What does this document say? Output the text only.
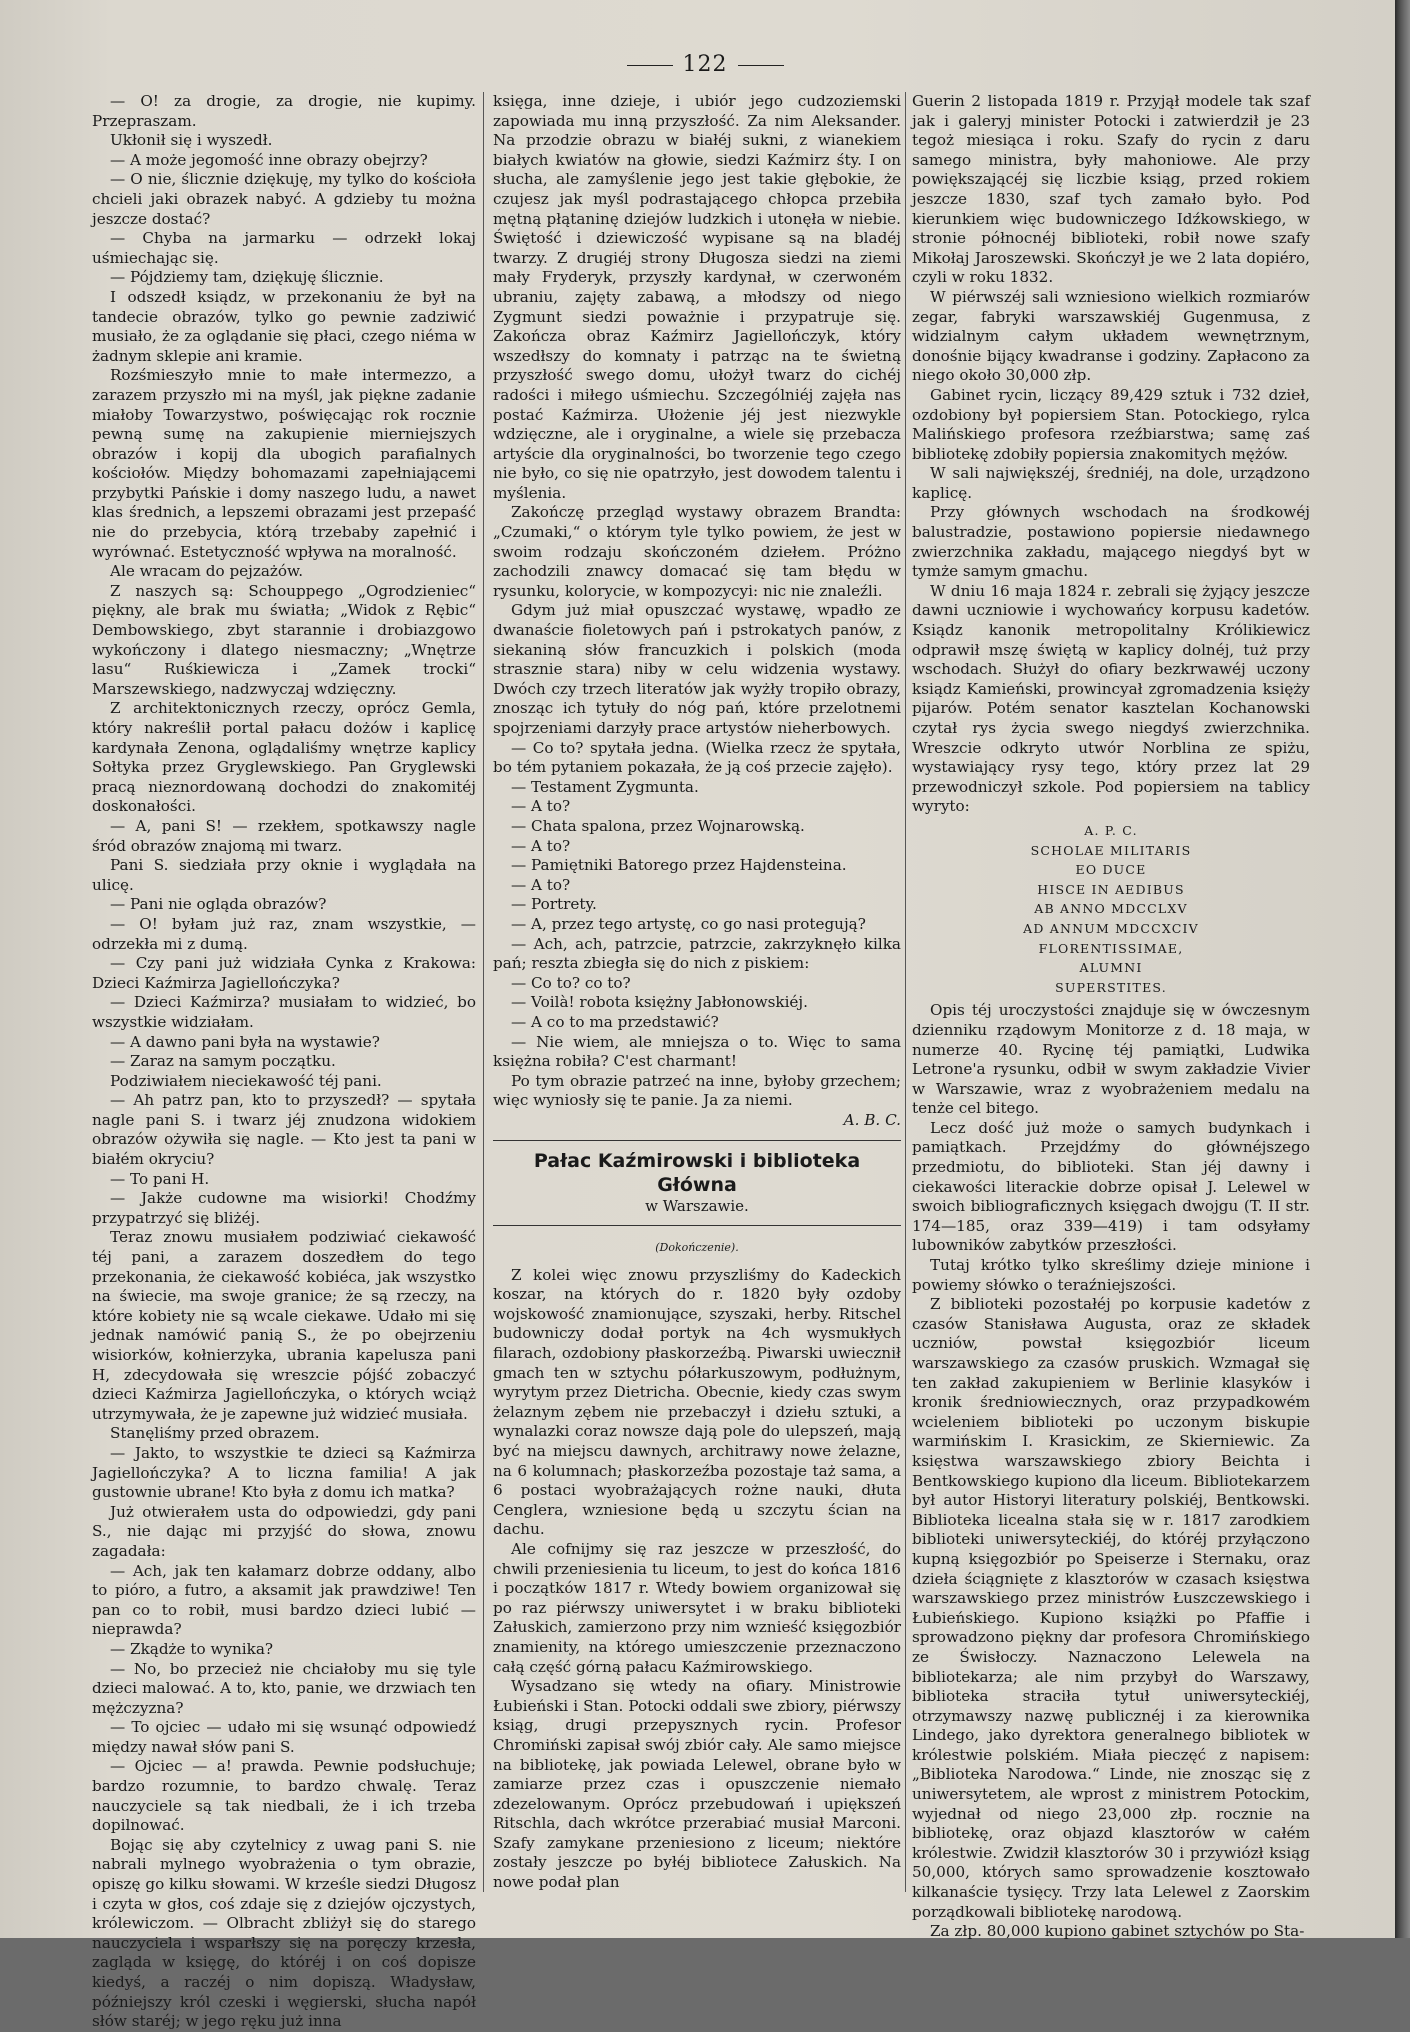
122

— O! za drogie, za drogie, nie kupimy. Przepraszam.

Ukłonił się i wyszedł.

— A może jegomość inne obrazy obejrzy?

— O nie, ślicznie dziękuję, my tylko do kościoła chcieli jaki obrazek nabyć. A gdzieby tu można jeszcze dostać?

— Chyba na jarmarku — odrzekł lokaj uśmiechając się.

— Pójdziemy tam, dziękuję ślicznie.

I odszedł ksiądz, w przekonaniu że był na tandecie obrazów, tylko go pewnie zadziwić musiało, że za oglądanie się płaci, czego niéma w żadnym sklepie ani kramie.

Rozśmieszyło mnie to małe intermezzo, a zarazem przyszło mi na myśl, jak piękne zadanie miałoby Towarzystwo, poświęcając rok rocznie pewną sumę na zakupienie mierniejszych obrazów i kopij dla ubogich parafialnych kościołów. Między bohomazami zapełniającemi przybytki Pańskie i domy naszego ludu, a nawet klas średnich, a lepszemi obrazami jest przepaść nie do przebycia, którą trzebaby zapełnić i wyrównać. Estetyczność wpływa na moralność.

Ale wracam do pejzażów.

Z naszych są: Schouppego „Ogrodzieniec“ piękny, ale brak mu światła; „Widok z Rębic“ Dembowskiego, zbyt starannie i drobiazgowo wykończony i dlatego niesmaczny; „Wnętrze lasu“ Ruśkiewicza i „Zamek trocki“ Marszewskiego, nadzwyczaj wdzięczny.

Z architektonicznych rzeczy, oprócz Gemla, który nakreślił portal pałacu dożów i kaplicę kardynała Zenona, oglądaliśmy wnętrze kaplicy Sołtyka przez Gryglewskiego. Pan Gryglewski pracą nieznordowaną dochodzi do znakomitéj doskonałości.

— A, pani S! — rzekłem, spotkawszy nagle śród obrazów znajomą mi twarz.

Pani S. siedziała przy oknie i wyglądała na ulicę.

— Pani nie ogląda obrazów?

— O! byłam już raz, znam wszystkie, — odrzekła mi z dumą.

— Czy pani już widziała Cynka z Krakowa: Dzieci Kaźmirza Jagiellończyka?

— Dzieci Kaźmirza? musiałam to widzieć, bo wszystkie widziałam.

— A dawno pani była na wystawie?

— Zaraz na samym początku.

Podziwiałem nieciekawość téj pani.

— Ah patrz pan, kto to przyszedł? — spytała nagle pani S. i twarz jéj znudzona widokiem obrazów ożywiła się nagle. — Kto jest ta pani w białém okryciu?

— To pani H.

— Jakże cudowne ma wisiorki! Chodźmy przypatrzyć się bliżéj.

Teraz znowu musiałem podziwiać ciekawość téj pani, a zarazem doszedłem do tego przekonania, że ciekawość kobiéca, jak wszystko na świecie, ma swoje granice; że są rzeczy, na które kobiety nie są wcale ciekawe. Udało mi się jednak namówić panią S., że po obejrzeniu wisiorków, kołnierzyka, ubrania kapelusza pani H, zdecydowała się wreszcie pójść zobaczyć dzieci Kaźmirza Jagiellończyka, o których wciąż utrzymywała, że je zapewne już widzieć musiała.

Stanęliśmy przed obrazem.

— Jakto, to wszystkie te dzieci są Kaźmirza Jagiellończyka? A to liczna familia! A jak gustownie ubrane! Kto była z domu ich matka?

Już otwierałem usta do odpowiedzi, gdy pani S., nie dając mi przyjść do słowa, znowu zagadała:

— Ach, jak ten kałamarz dobrze oddany, albo to pióro, a futro, a aksamit jak prawdziwe! Ten pan co to robił, musi bardzo dzieci lubić — nieprawda?

— Zkądże to wynika?

— No, bo przecież nie chciałoby mu się tyle dzieci malować. A to, kto, panie, we drzwiach ten mężczyzna?

— To ojciec — udało mi się wsunąć odpowiedź między nawał słów pani S.

— Ojciec — a! prawda. Pewnie podsłuchuje; bardzo rozumnie, to bardzo chwalę. Teraz nauczyciele są tak niedbali, że i ich trzeba dopilnować.

Bojąc się aby czytelnicy z uwag pani S. nie nabrali mylnego wyobrażenia o tym obrazie, opiszę go kilku słowami. W krześle siedzi Długosz i czyta w głos, coś zdaje się z dziejów ojczystych, królewiczom. — Olbracht zbliżył się do starego nauczyciela i wsparłszy się na poręczy krzesła, zagląda w księgę, do któréj i on coś dopisze kiedyś, a raczéj o nim dopiszą. Władysław, późniejszy król czeski i węgierski, słucha napół słów staréj; w jego ręku już inna

księga, inne dzieje, i ubiór jego cudzoziemski zapowiada mu inną przyszłość. Za nim Aleksander. Na przodzie obrazu w białéj sukni, z wianekiem białych kwiatów na głowie, siedzi Kaźmirz śty. I on słucha, ale zamyślenie jego jest takie głębokie, że czujesz jak myśl podrastającego chłopca przebiła mętną płątaninę dziejów ludzkich i utonęła w niebie. Świętość i dziewiczość wypisane są na bladéj twarzy. Z drugiéj strony Długosza siedzi na ziemi mały Fryderyk, przyszły kardynał, w czerwoném ubraniu, zajęty zabawą, a młodszy od niego Zygmunt siedzi poważnie i przypatruje się. Zakończa obraz Kaźmirz Jagiellończyk, który wszedłszy do komnaty i patrząc na te świetną przyszłość swego domu, ułożył twarz do cichéj radości i miłego uśmiechu. Szczególniéj zajęła nas postać Kaźmirza. Ułożenie jéj jest niezwykle wdzięczne, ale i oryginalne, a wiele się przebacza artyście dla oryginalności, bo tworzenie tego czego nie było, co się nie opatrzyło, jest dowodem talentu i myślenia.

Zakończę przegląd wystawy obrazem Brandta: „Czumaki,“ o którym tyle tylko powiem, że jest w swoim rodzaju skończoném dziełem. Próżno zachodzili znawcy domacać się tam błędu w rysunku, kolorycie, w kompozycyi: nic nie znaleźli.

Gdym już miał opuszczać wystawę, wpadło ze dwanaście fioletowych pań i pstrokatych panów, z siekaniną słów francuzkich i polskich (moda strasznie stara) niby w celu widzenia wystawy. Dwóch czy trzech literatów jak wyżły tropiło obrazy, znosząc ich tytuły do nóg pań, które przelotnemi spojrzeniami darzyły prace artystów nieherbowych.

— Co to? spytała jedna. (Wielka rzecz że spytała, bo tém pytaniem pokazała, że ją coś przecie zajęło).

— Testament Zygmunta.

— A to?

— Chata spalona, przez Wojnarowską.

— A to?

— Pamiętniki Batorego przez Hajdensteina.

— A to?

— Portrety.

— A, przez tego artystę, co go nasi protegują?

— Ach, ach, patrzcie, patrzcie, zakrzyknęło kilka pań; reszta zbiegła się do nich z piskiem:

— Co to? co to?

— Voilà! robota księżny Jabłonowskiéj.

— A co to ma przedstawić?

— Nie wiem, ale mniejsza o to. Więc to sama księżna robiła? C'est charmant!

Po tym obrazie patrzeć na inne, byłoby grzechem; więc wyniosły się te panie. Ja za niemi.

A. B. C.

Pałac Kaźmirowski i biblioteka Główna
w Warszawie.
(Dokończenie).

Z kolei więc znowu przyszliśmy do Kadeckich koszar, na których do r. 1820 były ozdoby wojskowość znamionujące, szyszaki, herby. Ritschel budowniczy dodał portyk na 4ch wysmukłych filarach, ozdobiony płaskorzeźbą. Piwarski uwiecznił gmach ten w sztychu półarkuszowym, podłużnym, wyrytym przez Dietricha. Obecnie, kiedy czas swym żelaznym zębem nie przebaczył i dziełu sztuki, a wynalazki coraz nowsze dają pole do ulepszeń, mają być na miejscu dawnych, architrawy nowe żelazne, na 6 kolumnach; płaskorzeźba pozostaje taż sama, a 6 postaci wyobrażających rożne nauki, dłuta Cenglera, wzniesione będą u szczytu ścian na dachu.

Ale cofnijmy się raz jeszcze w przeszłość, do chwili przeniesienia tu liceum, to jest do końca 1816 i początków 1817 r. Wtedy bowiem organizował się po raz piérwszy uniwersytet i w braku biblioteki Załuskich, zamierzono przy nim wznieść księgozbiór znamienity, na którego umieszczenie przeznaczono całą część górną pałacu Kaźmirowskiego.

Wysadzano się wtedy na ofiary. Ministrowie Łubieński i Stan. Potocki oddali swe zbiory, piérwszy ksiąg, drugi przepysznych rycin. Profesor Chromiński zapisał swój zbiór cały. Ale samo miejsce na bibliotekę, jak powiada Lelewel, obrane było w zamiarze przez czas i opuszczenie niemało zdezelowanym. Oprócz przebudowań i upiększeń Ritschla, dach wkrótce przerabiać musiał Marconi. Szafy zamykane przeniesiono z liceum; niektóre zostały jeszcze po byłéj bibliotece Załuskich. Na nowe podał plan

Guerin 2 listopada 1819 r. Przyjął modele tak szaf jak i galeryj minister Potocki i zatwierdził je 23 tegoż miesiąca i roku. Szafy do rycin z daru samego ministra, były mahoniowe. Ale przy powiększającéj się liczbie ksiąg, przed rokiem jeszcze 1830, szaf tych zamało było. Pod kierunkiem więc budowniczego Idźkowskiego, w stronie północnéj biblioteki, robił nowe szafy Mikołaj Jaroszewski. Skończył je we 2 lata dopiéro, czyli w roku 1832.

W piérwszéj sali wzniesiono wielkich rozmiarów zegar, fabryki warszawskiéj Gugenmusa, z widzialnym całym układem wewnętrznym, donośnie bijący kwadranse i godziny. Zapłacono za niego około 30,000 złp.

Gabinet rycin, liczący 89,429 sztuk i 732 dzieł, ozdobiony był popiersiem Stan. Potockiego, rylca Malińskiego profesora rzeźbiarstwa; samę zaś bibliotekę zdobiły popiersia znakomitych mężów.

W sali największéj, średniéj, na dole, urządzono kaplicę.

Przy głównych wschodach na środkowéj balustradzie, postawiono popiersie niedawnego zwierzchnika zakładu, mającego niegdyś byt w tymże samym gmachu.

W dniu 16 maja 1824 r. zebrali się żyjący jeszcze dawni uczniowie i wychowańcy korpusu kadetów. Ksiądz kanonik metropolitalny Królikiewicz odprawił mszę świętą w kaplicy dolnéj, tuż przy wschodach. Służył do ofiary bezkrwawéj uczony ksiądz Kamieński, prowincyał zgromadzenia księży pijarów. Potém senator kasztelan Kochanowski czytał rys życia swego niegdyś zwierzchnika. Wreszcie odkryto utwór Norblina ze spiżu, wystawiający rysy tego, który przez lat 29 przewodniczył szkole. Pod popiersiem na tablicy wyryto:

A. P. C.
SCHOLAE MILITARIS
EO DUCE
HISCE IN AEDIBUS
AB ANNO MDCCLXV
AD ANNUM MDCCXCIV
FLORENTISSIMAE,
ALUMNI
SUPERSTITES.

Opis téj uroczystości znajduje się w ówczesnym dzienniku rządowym Monitorze z d. 18 maja, w numerze 40. Rycinę téj pamiątki, Ludwika Letrone'a rysunku, odbił w swym zakładzie Vivier w Warszawie, wraz z wyobrażeniem medalu na tenże cel bitego.

Lecz dość już może o samych budynkach i pamiątkach. Przejdźmy do głównéjszego przedmiotu, do biblioteki. Stan jéj dawny i ciekawości literackie dobrze opisał J. Lelewel w swoich bibliograficznych księgach dwojgu (T. II str. 174—185, oraz 339—419) i tam odsyłamy lubowników zabytków przeszłości.

Tutaj krótko tylko skreślimy dzieje minione i powiemy słówko o teraźniejszości.

Z biblioteki pozostałéj po korpusie kadetów z czasów Stanisława Augusta, oraz ze składek uczniów, powstał księgozbiór liceum warszawskiego za czasów pruskich. Wzmagał się ten zakład zakupieniem w Berlinie klasyków i kronik średniowiecznych, oraz przypadkowém wcieleniem biblioteki po uczonym biskupie warmińskim I. Krasickim, ze Skierniewic. Za księstwa warszawskiego zbiory Beichta i Bentkowskiego kupiono dla liceum. Bibliotekarzem był autor Historyi literatury polskiéj, Bentkowski. Biblioteka licealna stała się w r. 1817 zarodkiem biblioteki uniwersyteckiéj, do któréj przyłączono kupną księgozbiór po Speiserze i Sternaku, oraz dzieła ściągnięte z klasztorów w czasach księstwa warszawskiego przez ministrów Łuszczewskiego i Łubieńskiego. Kupiono książki po Pfaffie i sprowadzono piękny dar profesora Chromińskiego ze Świsłoczy. Naznaczono Lelewela na bibliotekarza; ale nim przybył do Warszawy, biblioteka straciła tytuł uniwersyteckiéj, otrzymawszy nazwę publicznéj i za kierownika Lindego, jako dyrektora generalnego bibliotek w królestwie polskiém. Miała pieczęć z napisem: „Biblioteka Narodowa.“ Linde, nie znosząc się z uniwersytetem, ale wprost z ministrem Potockim, wyjednał od niego 23,000 złp. rocznie na bibliotekę, oraz objazd klasztorów w całém królestwie. Zwidził klasztorów 30 i przywiózł ksiąg 50,000, których samo sprowadzenie kosztowało kilkanaście tysięcy. Trzy lata Lelewel z Zaorskim porządkowali bibliotekę narodową.

Za złp. 80,000 kupiono gabinet sztychów po Sta-
